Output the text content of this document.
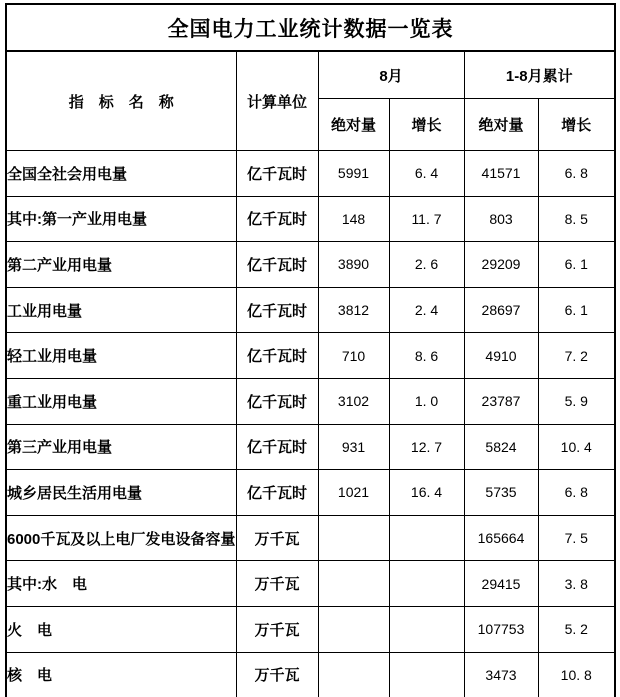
全国电力工业统计数据一览表					
指　标　名　称	计算单位	8月		1-8月累计	
		绝对量	增长	绝对量	增长
全国全社会用电量	亿千瓦时	5991	6. 4	41571	6. 8
其中:第一产业用电量	亿千瓦时	148	11. 7	803	8. 5
第二产业用电量	亿千瓦时	3890	2. 6	29209	6. 1
工业用电量	亿千瓦时	3812	2. 4	28697	6. 1
轻工业用电量	亿千瓦时	710	8. 6	4910	7. 2
重工业用电量	亿千瓦时	3102	1. 0	23787	5. 9
第三产业用电量	亿千瓦时	931	12. 7	5824	10. 4
城乡居民生活用电量	亿千瓦时	1021	16. 4	5735	6. 8
6000千瓦及以上电厂发电设备容量	万千瓦			165664	7. 5
其中:水　电	万千瓦			29415	3. 8
火　电	万千瓦			107753	5. 2
核　电	万千瓦			3473	10. 8
